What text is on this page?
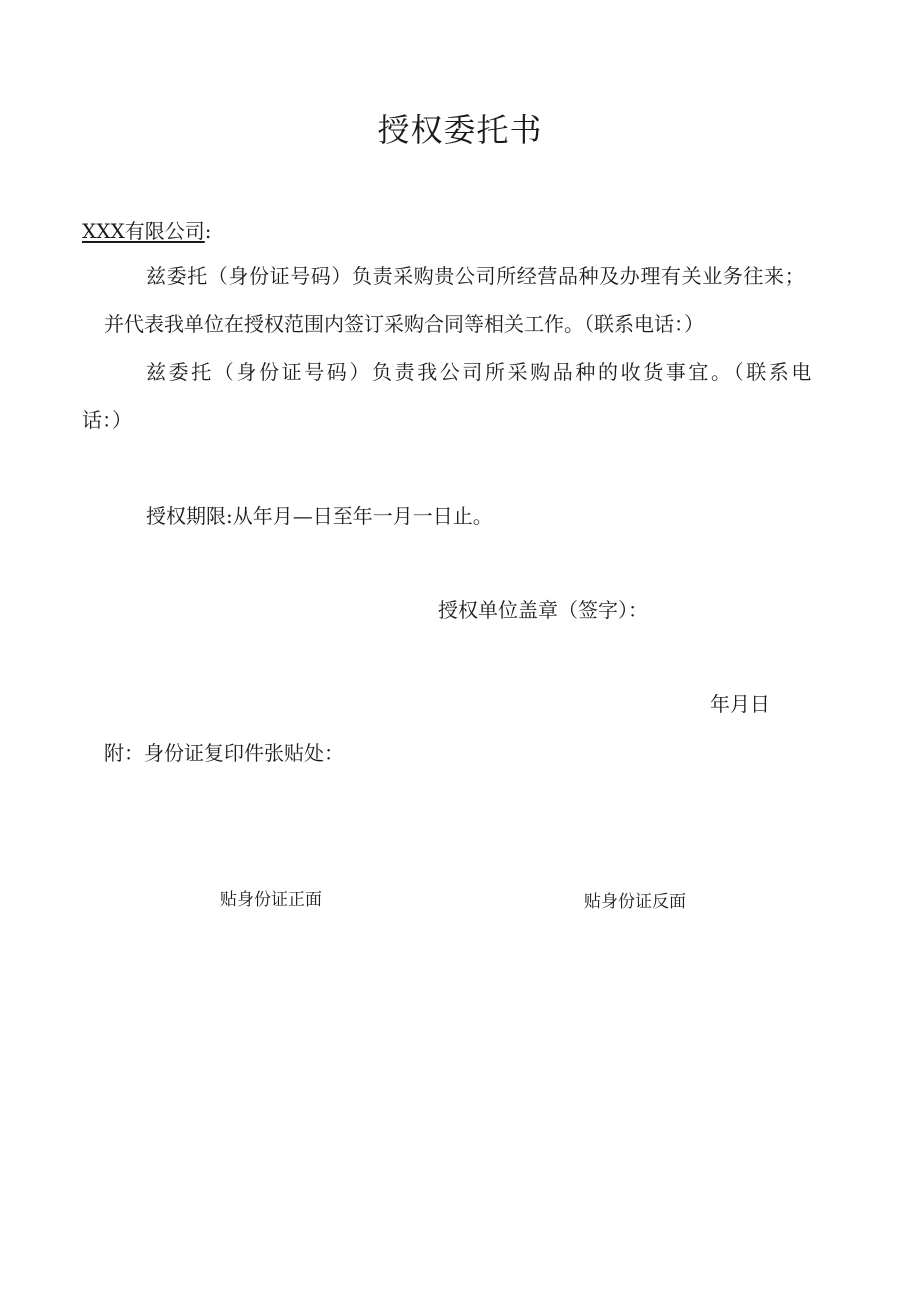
授权委托书
XXX有限公司:
兹委托（身份证号码）负责采购贵公司所经营品种及办理有关业务往来；
并代表我单位在授权范围内签订采购合同等相关工作。（联系电话：）
兹委托（身份证号码）负责我公司所采购品种的收货事宜。（联系电
话：）
授权期限:从年月—日至年一月一日止。
授权单位盖章（签字）：
年月日
附：身份证复印件张贴处：
贴身份证正面	贴身份证反面
